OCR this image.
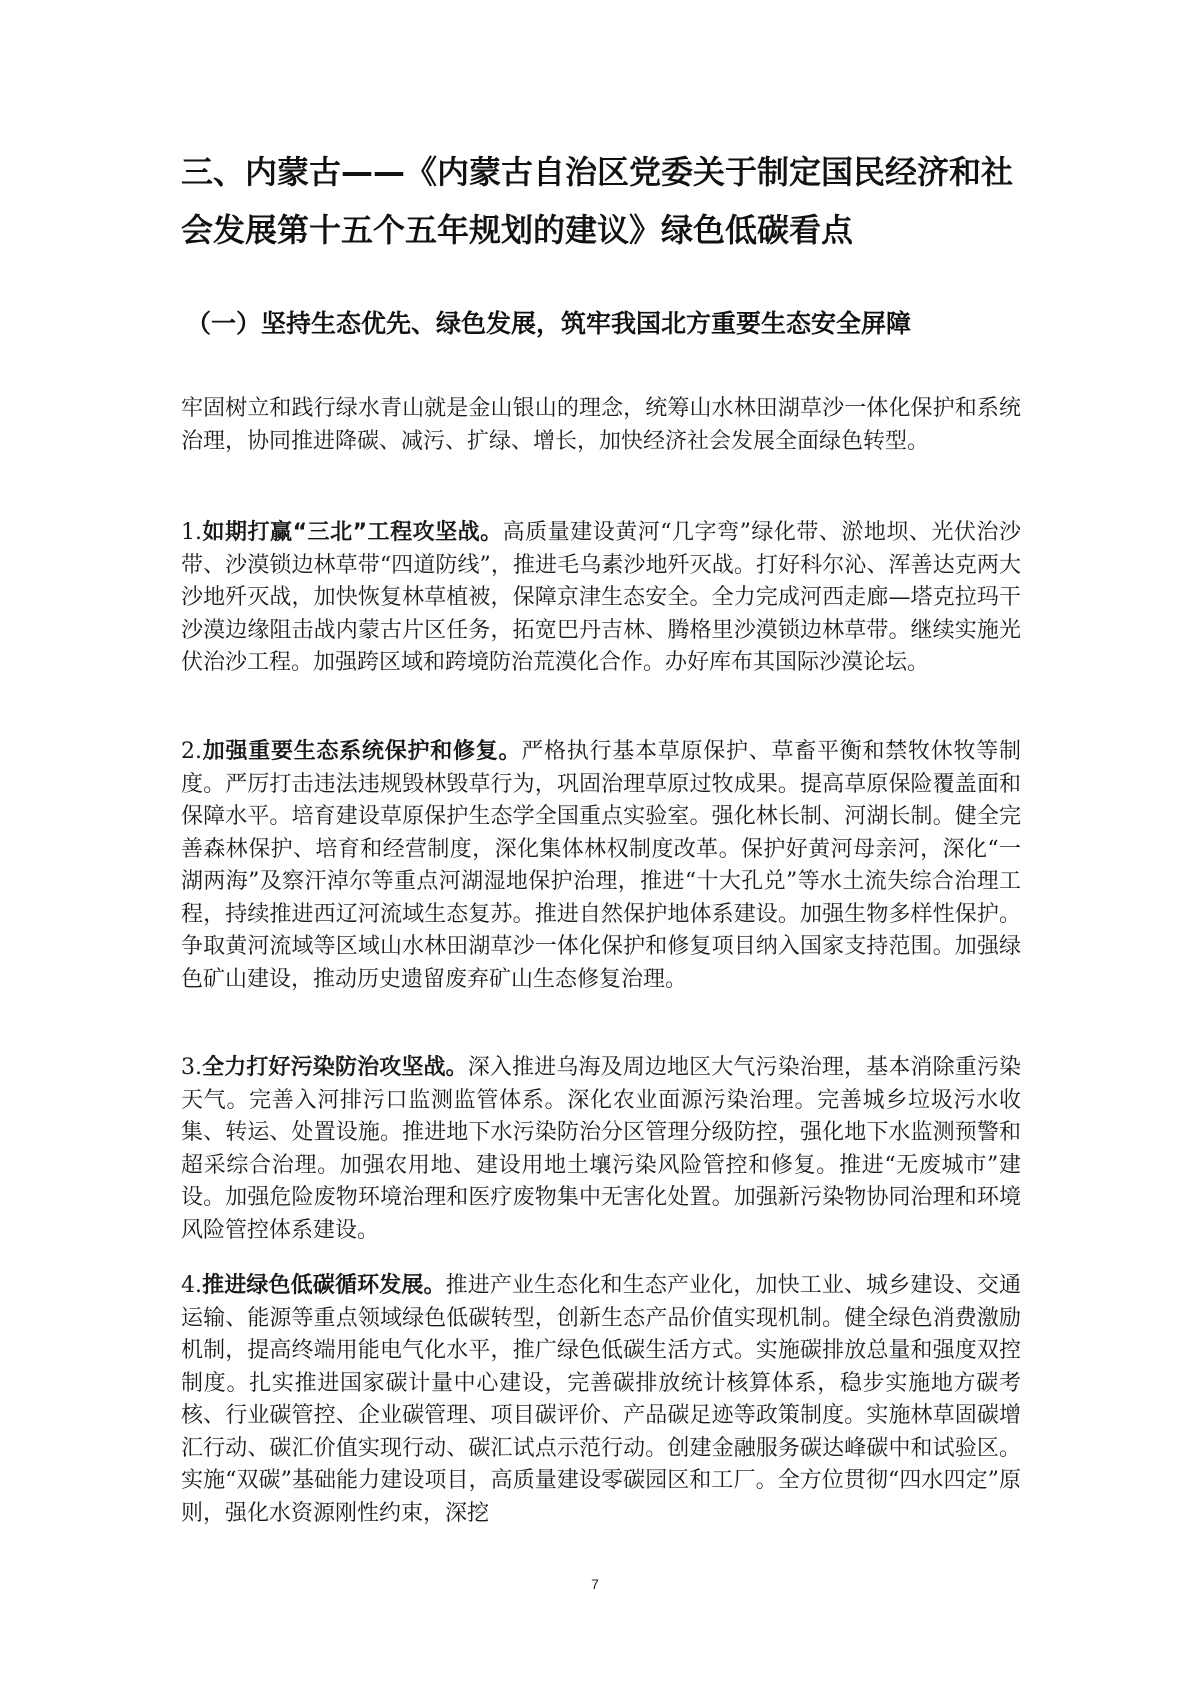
三、内蒙古——《内蒙古自治区党委关于制定国民经济和社会发展第十五个五年规划的建议》绿色低碳看点
（一）坚持生态优先、绿色发展，筑牢我国北方重要生态安全屏障

牢固树立和践行绿水青山就是金山银山的理念，统筹山水林田湖草沙一体化保护和系统治理，协同推进降碳、减污、扩绿、增长，加快经济社会发展全面绿色转型。

1.如期打赢“三北”工程攻坚战。高质量建设黄河“几字弯”绿化带、淤地坝、光伏治沙带、沙漠锁边林草带“四道防线”，推进毛乌素沙地歼灭战。打好科尔沁、浑善达克两大沙地歼灭战，加快恢复林草植被，保障京津生态安全。全力完成河西走廊—塔克拉玛干沙漠边缘阻击战内蒙古片区任务，拓宽巴丹吉林、腾格里沙漠锁边林草带。继续实施光伏治沙工程。加强跨区域和跨境防治荒漠化合作。办好库布其国际沙漠论坛。

2.加强重要生态系统保护和修复。严格执行基本草原保护、草畜平衡和禁牧休牧等制度。严厉打击违法违规毁林毁草行为，巩固治理草原过牧成果。提高草原保险覆盖面和保障水平。培育建设草原保护生态学全国重点实验室。强化林长制、河湖长制。健全完善森林保护、培育和经营制度，深化集体林权制度改革。保护好黄河母亲河，深化“一湖两海”及察汗淖尔等重点河湖湿地保护治理，推进“十大孔兑”等水土流失综合治理工程，持续推进西辽河流域生态复苏。推进自然保护地体系建设。加强生物多样性保护。争取黄河流域等区域山水林田湖草沙一体化保护和修复项目纳入国家支持范围。加强绿色矿山建设，推动历史遗留废弃矿山生态修复治理。

3.全力打好污染防治攻坚战。深入推进乌海及周边地区大气污染治理，基本消除重污染天气。完善入河排污口监测监管体系。深化农业面源污染治理。完善城乡垃圾污水收集、转运、处置设施。推进地下水污染防治分区管理分级防控，强化地下水监测预警和超采综合治理。加强农用地、建设用地土壤污染风险管控和修复。推进“无废城市”建设。加强危险废物环境治理和医疗废物集中无害化处置。加强新污染物协同治理和环境风险管控体系建设。

4.推进绿色低碳循环发展。推进产业生态化和生态产业化，加快工业、城乡建设、交通运输、能源等重点领域绿色低碳转型，创新生态产品价值实现机制。健全绿色消费激励机制，提高终端用能电气化水平，推广绿色低碳生活方式。实施碳排放总量和强度双控制度。扎实推进国家碳计量中心建设，完善碳排放统计核算体系，稳步实施地方碳考核、行业碳管控、企业碳管理、项目碳评价、产品碳足迹等政策制度。实施林草固碳增汇行动、碳汇价值实现行动、碳汇试点示范行动。创建金融服务碳达峰碳中和试验区。实施“双碳”基础能力建设项目，高质量建设零碳园区和工厂。全方位贯彻“四水四定”原则，强化水资源刚性约束，深挖

7
